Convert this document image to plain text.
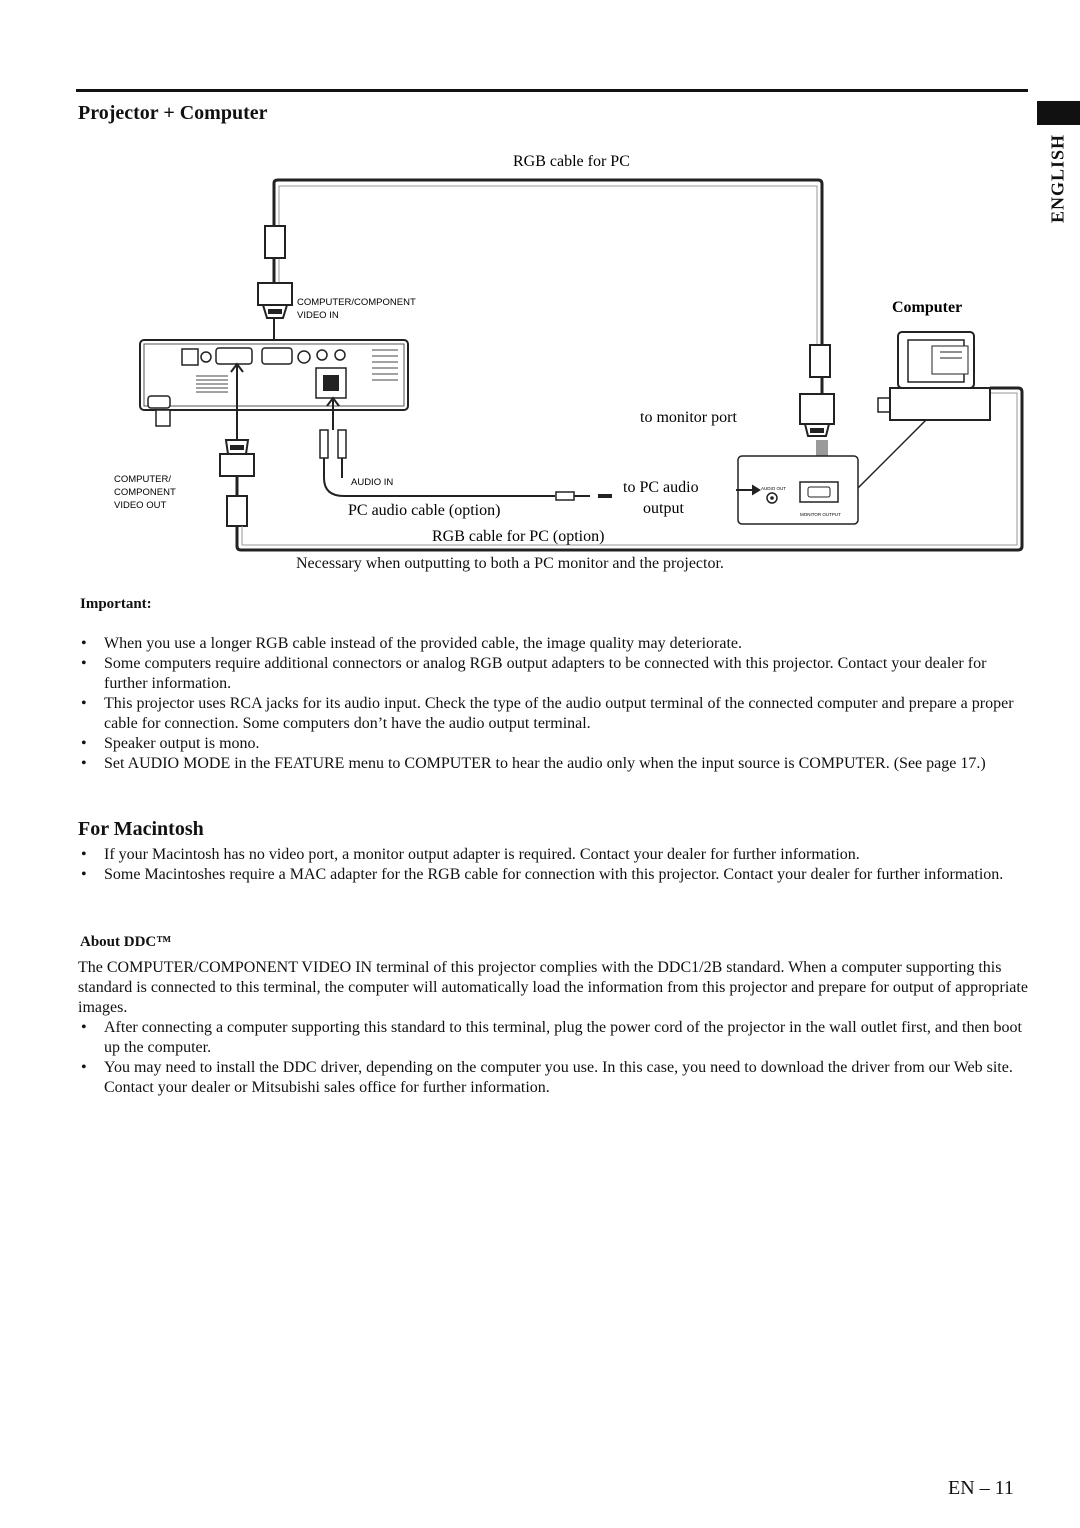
ENGLISH
Projector + Computer
COMPUTER/COMPONENT
VIDEO IN
AUDIO OUT
MONITOR OUTPUT
RGB cable for PC
Computer
to monitor port
COMPUTER/
COMPONENT
VIDEO OUT
AUDIO IN	to PC audio
output
PC audio cable (option)
RGB cable for PC (option)
Necessary when outputting to both a PC monitor and the projector.
Important:
• When you use a longer RGB cable instead of the provided cable, the image quality may deteriorate.
• Some computers require additional connectors or analog RGB output adapters to be connected with this projector. Contact your dealer for further information.
• This projector uses RCA jacks for its audio input. Check the type of the audio output terminal of the connected computer and prepare a proper cable for connection. Some computers don’t have the audio output terminal.
• Speaker output is mono.
• Set AUDIO MODE in the FEATURE menu to COMPUTER to hear the audio only when the input source is COMPUTER. (See page 17.)
For Macintosh
• If your Macintosh has no video port, a monitor output adapter is required. Contact your dealer for further information.
• Some Macintoshes require a MAC adapter for the RGB cable for connection with this projector. Contact your dealer for further information.
About DDC™
The COMPUTER/COMPONENT VIDEO IN terminal of this projector complies with the DDC1/2B standard. When a computer supporting this standard is connected to this terminal, the computer will automatically load the information from this projector and prepare for output of appropriate images.
• After connecting a computer supporting this standard to this terminal, plug the power cord of the projector in the wall outlet first, and then boot up the computer.
• You may need to install the DDC driver, depending on the computer you use. In this case, you need to download the driver from our Web site. Contact your dealer or Mitsubishi sales office for further information.
EN – 11
